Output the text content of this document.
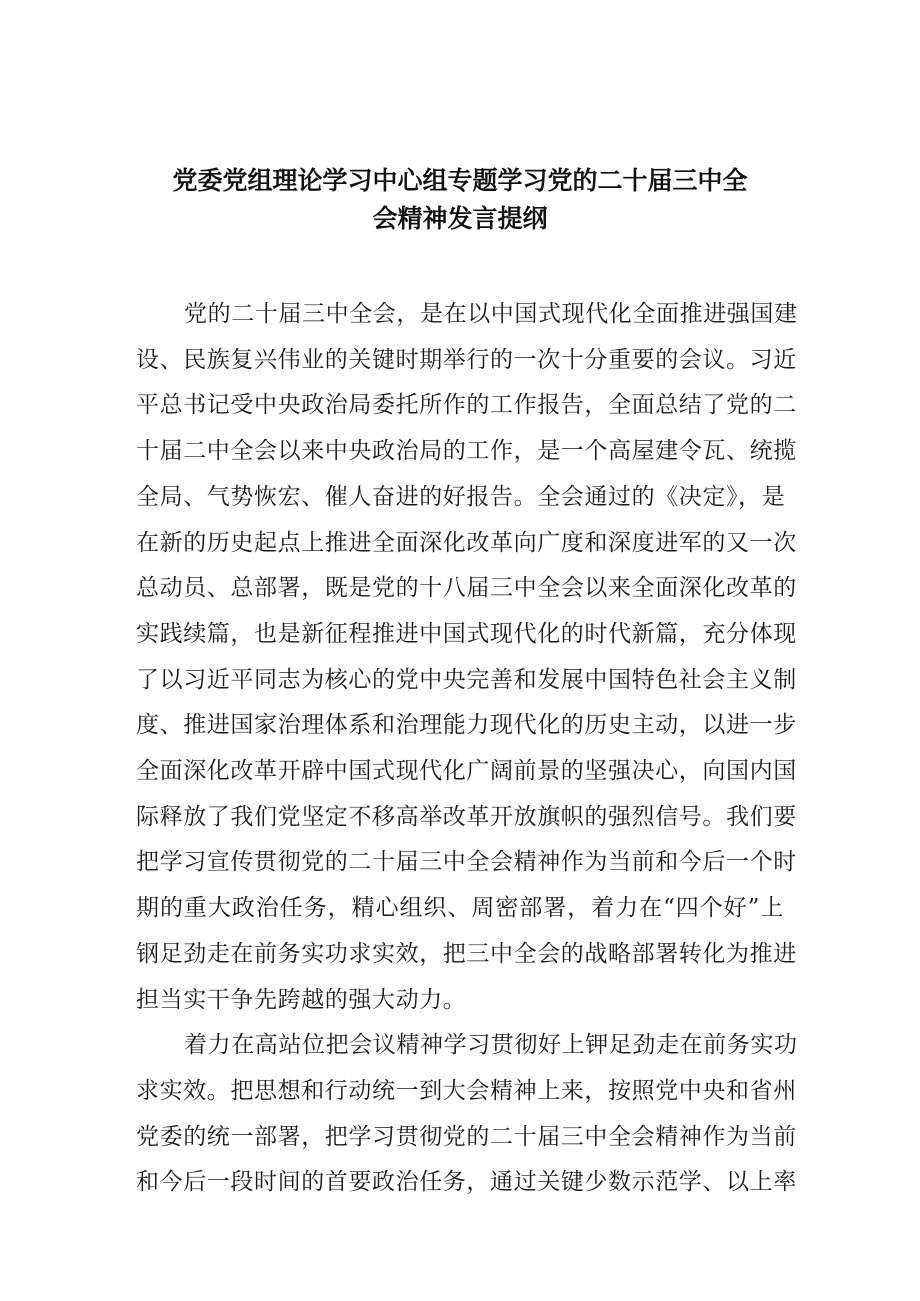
党委党组理论学习中心组专题学习党的二十届三中全
会精神发言提纲

党的二十届三中全会，是在以中国式现代化全面推进强国建
设、民族复兴伟业的关键时期举行的一次十分重要的会议。习近
平总书记受中央政治局委托所作的工作报告，全面总结了党的二
十届二中全会以来中央政治局的工作，是一个高屋建令瓦、统揽
全局、气势恢宏、催人奋进的好报告。全会通过的《决定》，是
在新的历史起点上推进全面深化改革向广度和深度进军的又一次
总动员、总部署，既是党的十八届三中全会以来全面深化改革的
实践续篇，也是新征程推进中国式现代化的时代新篇，充分体现
了以习近平同志为核心的党中央完善和发展中国特色社会主义制
度、推进国家治理体系和治理能力现代化的历史主动，以进一步
全面深化改革开辟中国式现代化广阔前景的坚强决心，向国内国
际释放了我们党坚定不移高举改革开放旗帜的强烈信号。我们要
把学习宣传贯彻党的二十届三中全会精神作为当前和今后一个时
期的重大政治任务，精心组织、周密部署，着力在“四个好”上
钢足劲走在前务实功求实效，把三中全会的战略部署转化为推进
担当实干争先跨越的强大动力。

着力在高站位把会议精神学习贯彻好上钾足劲走在前务实功
求实效。把思想和行动统一到大会精神上来，按照党中央和省州
党委的统一部署，把学习贯彻党的二十届三中全会精神作为当前
和今后一段时间的首要政治任务，通过关键少数示范学、以上率
